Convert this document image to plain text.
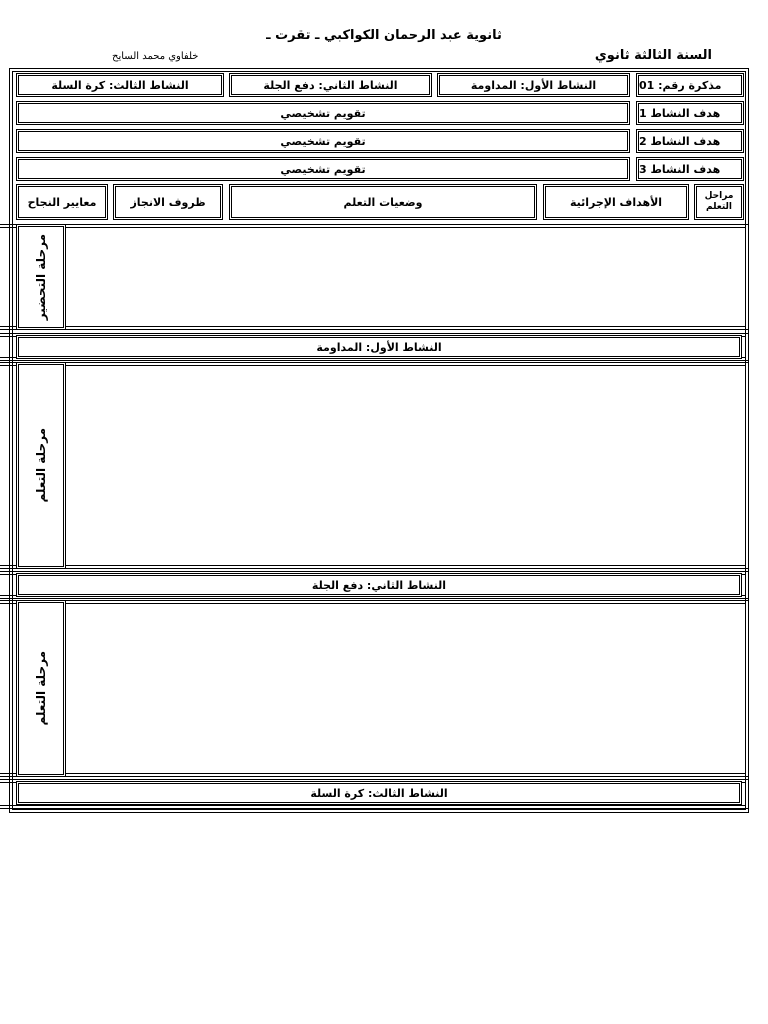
ثانوية عبد الرحمان الكواكبي ـ تقرت ـ
السنة الثالثة ثانوي
خلفاوي محمد السايح
مذكرة رقم: 01
النشاط الأول: المداومة
النشاط الثاني: دفع الجلة
النشاط الثالث: كرة السلة
هدف النشاط 1
تقويم تشخيصي
هدف النشاط 2
تقويم تشخيصي
هدف النشاط 3
تقويم تشخيصي
مراحل
التعلم
الأهداف الإجرائية
وضعيات التعلم
ظروف الانجاز
معايير النجاح
مرحلة التحضير
النشاط الأول: المداومة
مرحلة التعلم
النشاط الثاني: دفع الجلة
مرحلة التعلم
النشاط الثالث: كرة السلة
